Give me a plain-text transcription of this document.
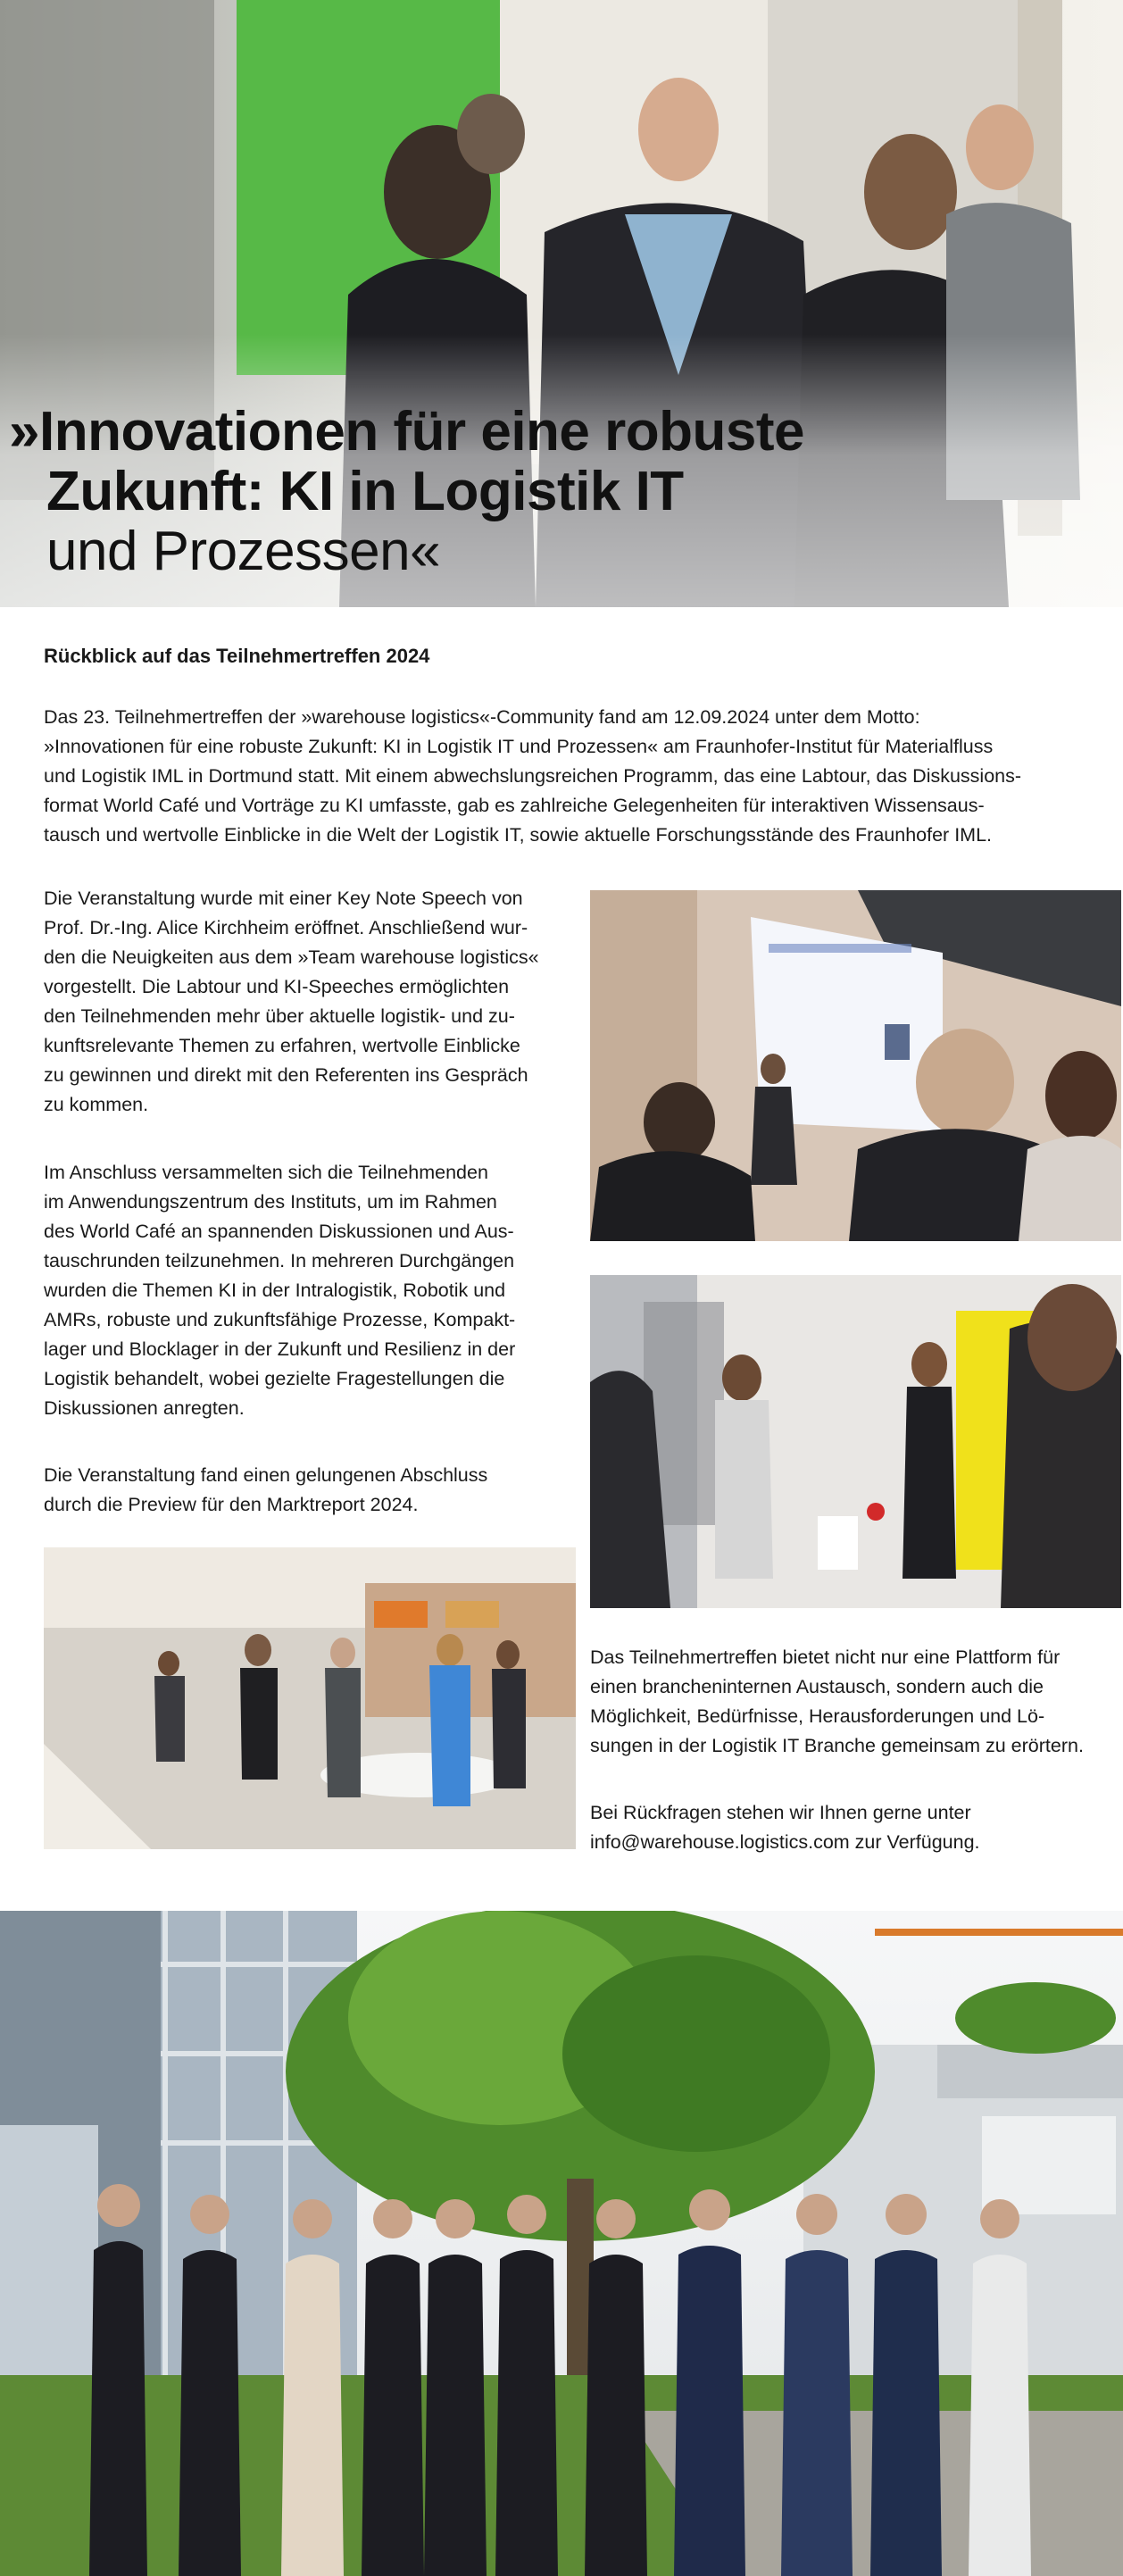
»Innovationen für eine robuste
Zukunft: KI in Logistik IT
und Prozessen«
Rückblick auf das Teilnehmertreffen 2024
Das 23. Teilnehmertreffen der »warehouse logistics«-Community fand am 12.09.2024 unter dem Motto:
»Innovationen für eine robuste Zukunft: KI in Logistik IT und Prozessen« am Fraunhofer-Institut für Materialfluss
und Logistik IML in Dortmund statt. Mit einem abwechslungsreichen Programm, das eine Labtour, das Diskussions-
format World Café und Vorträge zu KI umfasste, gab es zahlreiche Gelegenheiten für interaktiven Wissensaus-
tausch und wertvolle Einblicke in die Welt der Logistik IT, sowie aktuelle Forschungsstände des Fraunhofer IML.
Die Veranstaltung wurde mit einer Key Note Speech von
Prof. Dr.-Ing. Alice Kirchheim eröffnet. Anschließend wur-
den die Neuigkeiten aus dem »Team warehouse logistics«
vorgestellt. Die Labtour und KI-Speeches ermöglichten
den Teilnehmenden mehr über aktuelle logistik- und zu-
kunftsrelevante Themen zu erfahren, wertvolle Einblicke
zu gewinnen und direkt mit den Referenten ins Gespräch
zu kommen.
Im Anschluss versammelten sich die Teilnehmenden
im Anwendungszentrum des Instituts, um im Rahmen
des World Café an spannenden Diskussionen und Aus-
tauschrunden teilzunehmen. In mehreren Durchgängen
wurden die Themen KI in der Intralogistik, Robotik und
AMRs, robuste und zukunftsfähige Prozesse, Kompakt-
lager und Blocklager in der Zukunft und Resilienz in der
Logistik behandelt, wobei gezielte Fragestellungen die
Diskussionen anregten.
Die Veranstaltung fand einen gelungenen Abschluss
durch die Preview für den Marktreport 2024.
Das Teilnehmertreffen bietet nicht nur eine Plattform für
einen brancheninternen Austausch, sondern auch die
Möglichkeit, Bedürfnisse, Herausforderungen und Lö-
sungen in der Logistik IT Branche gemeinsam zu erörtern.
Bei Rückfragen stehen wir Ihnen gerne unter
info@warehouse.logistics.com zur Verfügung.
